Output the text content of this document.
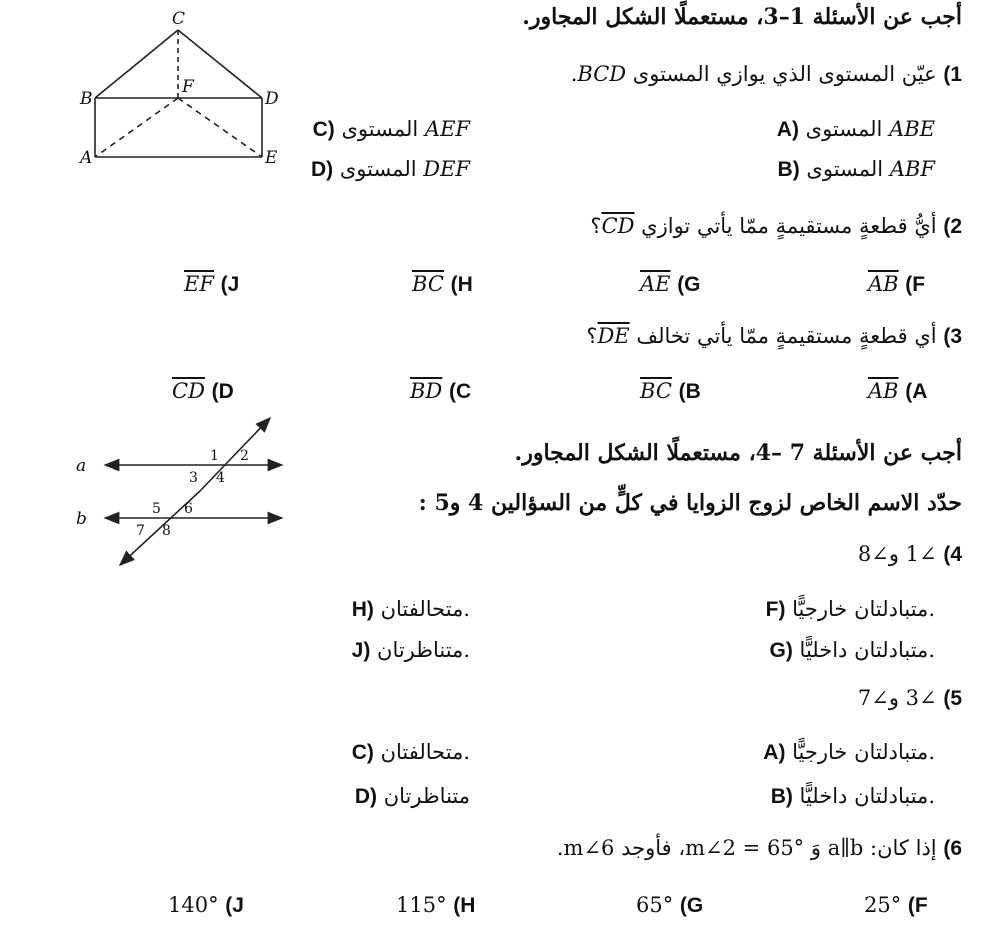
C
B
F
D
A	E
أجب عن الأسئلة 1–3، مستعملًا الشكل المجاور.
1) عيّن المستوى الذي يوازي المستوى BCD.
A) المستوى ABE
C) المستوى AEF
B) المستوى ABF
D) المستوى DEF
2) أيُّ قطعةٍ مستقيمةٍ ممّا يأتي توازي CD؟
$\overline{AB}$ (F
$\overline{AE}$ (G
$\overline{BC}$ (H
$\overline{EF}$ (J
3) أي قطعةٍ مستقيمةٍ ممّا يأتي تخالف DE؟
$\overline{AB}$ (A
$\overline{BC}$ (B
$\overline{BD}$ (C
$\overline{CD}$ (D
a
b
1 2
3 4
5 6
7 8
أجب عن الأسئلة 7 –4، مستعملًا الشكل المجاور.
حدّد الاسم الخاص لزوج الزوايا في كلٍّ من السؤالين 4 و5 :
4) ∠1 و∠8
F) متبادلتان خارجيًّا.
H) متحالفتان.
G) متبادلتان داخليًّا.
J) متناظرتان.
5) ∠3 و∠7
A) متبادلتان خارجيًّا.
C) متحالفتان.
B) متبادلتان داخليًّا.
D) متناظرتان
6) إذا كان: a∥b وَ m∠2 = 65°، فأوجد m∠6.
25° (F
65° (G
115° (H
140° (J
